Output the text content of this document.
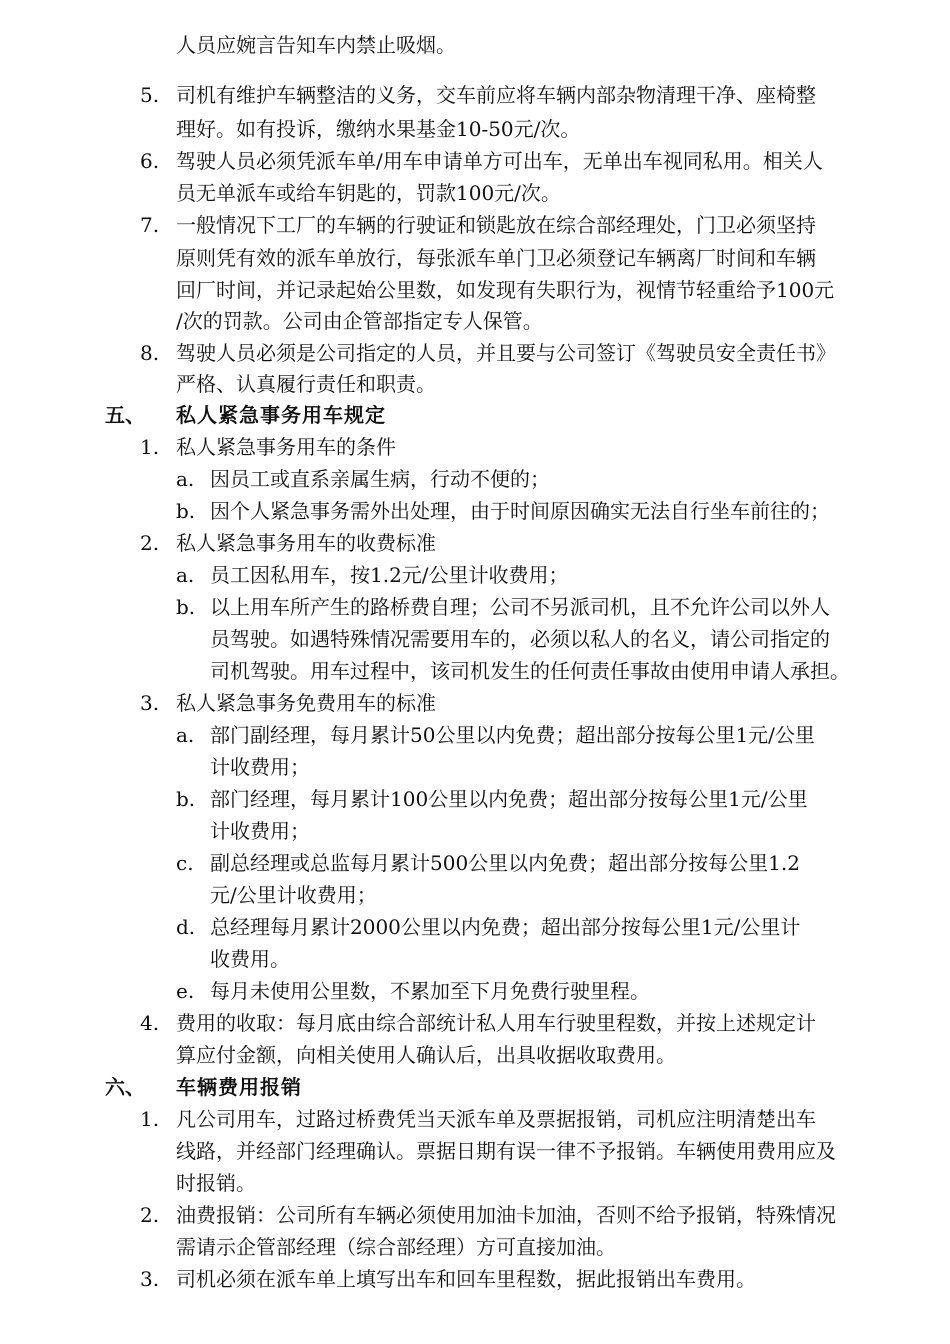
人员应婉言告知车内禁止吸烟。
5. 司机有维护车辆整洁的义务，交车前应将车辆内部杂物清理干净、座椅整
理好。如有投诉，缴纳水果基金10-50元/次。
6. 驾驶人员必须凭派车单/用车申请单方可出车，无单出车视同私用。相关人
员无单派车或给车钥匙的，罚款100元/次。
7. 一般情况下工厂的车辆的行驶证和锁匙放在综合部经理处，门卫必须坚持
原则凭有效的派车单放行，每张派车单门卫必须登记车辆离厂时间和车辆
回厂时间，并记录起始公里数，如发现有失职行为，视情节轻重给予100元
/次的罚款。公司由企管部指定专人保管。
8. 驾驶人员必须是公司指定的人员，并且要与公司签订《驾驶员安全责任书》
严格、认真履行责任和职责。
五、 私人紧急事务用车规定
1. 私人紧急事务用车的条件
a. 因员工或直系亲属生病，行动不便的；
b. 因个人紧急事务需外出处理，由于时间原因确实无法自行坐车前往的；
2. 私人紧急事务用车的收费标准
a. 员工因私用车，按1.2元/公里计收费用；
b. 以上用车所产生的路桥费自理；公司不另派司机，且不允许公司以外人
员驾驶。如遇特殊情况需要用车的，必须以私人的名义，请公司指定的
司机驾驶。用车过程中，该司机发生的任何责任事故由使用申请人承担。
3. 私人紧急事务免费用车的标准
a. 部门副经理，每月累计50公里以内免费；超出部分按每公里1元/公里
计收费用；
b. 部门经理，每月累计100公里以内免费；超出部分按每公里1元/公里
计收费用；
c. 副总经理或总监每月累计500公里以内免费；超出部分按每公里1.2
元/公里计收费用；
d. 总经理每月累计2000公里以内免费；超出部分按每公里1元/公里计
收费用。
e. 每月未使用公里数，不累加至下月免费行驶里程。
4. 费用的收取：每月底由综合部统计私人用车行驶里程数，并按上述规定计
算应付金额，向相关使用人确认后，出具收据收取费用。
六、 车辆费用报销
1. 凡公司用车，过路过桥费凭当天派车单及票据报销，司机应注明清楚出车
线路，并经部门经理确认。票据日期有误一律不予报销。车辆使用费用应及
时报销。
2. 油费报销：公司所有车辆必须使用加油卡加油，否则不给予报销，特殊情况
需请示企管部经理（综合部经理）方可直接加油。
3. 司机必须在派车单上填写出车和回车里程数，据此报销出车费用。
